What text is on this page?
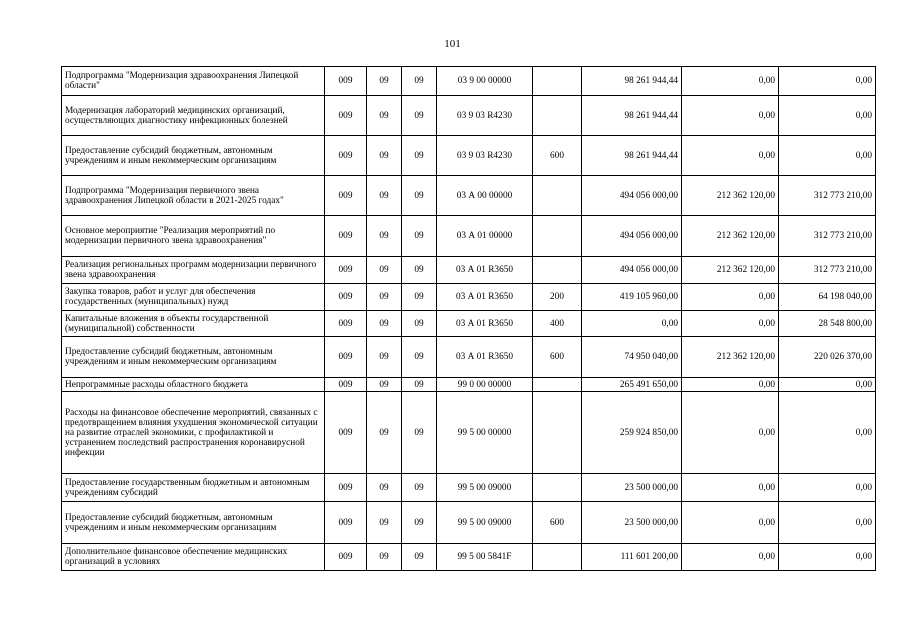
101
Подпрограмма "Модернизация здравоохранения Липецкой области"	009	09	09	03 9 00 00000		98 261 944,44	0,00	0,00
Модернизация лабораторий медицинских организаций, осуществляющих диагностику инфекционных болезней	009	09	09	03 9 03 R4230		98 261 944,44	0,00	0,00
Предоставление субсидий бюджетным, автономным учреждениям и иным некоммерческим организациям	009	09	09	03 9 03 R4230	600	98 261 944,44	0,00	0,00
Подпрограмма "Модернизация первичного звена здравоохранения Липецкой области в 2021-2025 годах"	009	09	09	03 А 00 00000		494 056 000,00	212 362 120,00	312 773 210,00
Основное мероприятие "Реализация мероприятий по модернизации первичного звена здравоохранения"	009	09	09	03 А 01 00000		494 056 000,00	212 362 120,00	312 773 210,00
Реализация региональных программ модернизации первичного звена здравоохранения	009	09	09	03 А 01 R3650		494 056 000,00	212 362 120,00	312 773 210,00
Закупка товаров, работ и услуг для обеспечения государственных (муниципальных) нужд	009	09	09	03 А 01 R3650	200	419 105 960,00	0,00	64 198 040,00
Капитальные вложения в объекты государственной (муниципальной) собственности	009	09	09	03 А 01 R3650	400	0,00	0,00	28 548 800,00
Предоставление субсидий бюджетным, автономным учреждениям и иным некоммерческим организациям	009	09	09	03 А 01 R3650	600	74 950 040,00	212 362 120,00	220 026 370,00
Непрограммные расходы областного бюджета	009	09	09	99 0 00 00000		265 491 650,00	0,00	0,00
Расходы на финансовое обеспечение мероприятий, связанных с предотвращением влияния ухудшения экономической ситуации на развитие отраслей экономики, с профилактикой и устранением последствий распространения коронавирусной инфекции	009	09	09	99 5 00 00000		259 924 850,00	0,00	0,00
Предоставление государственным бюджетным и автономным учреждениям субсидий	009	09	09	99 5 00 09000		23 500 000,00	0,00	0,00
Предоставление субсидий бюджетным, автономным учреждениям и иным некоммерческим организациям	009	09	09	99 5 00 09000	600	23 500 000,00	0,00	0,00
Дополнительное финансовое обеспечение медицинских организаций в условиях	009	09	09	99 5 00 5841F		111 601 200,00	0,00	0,00
